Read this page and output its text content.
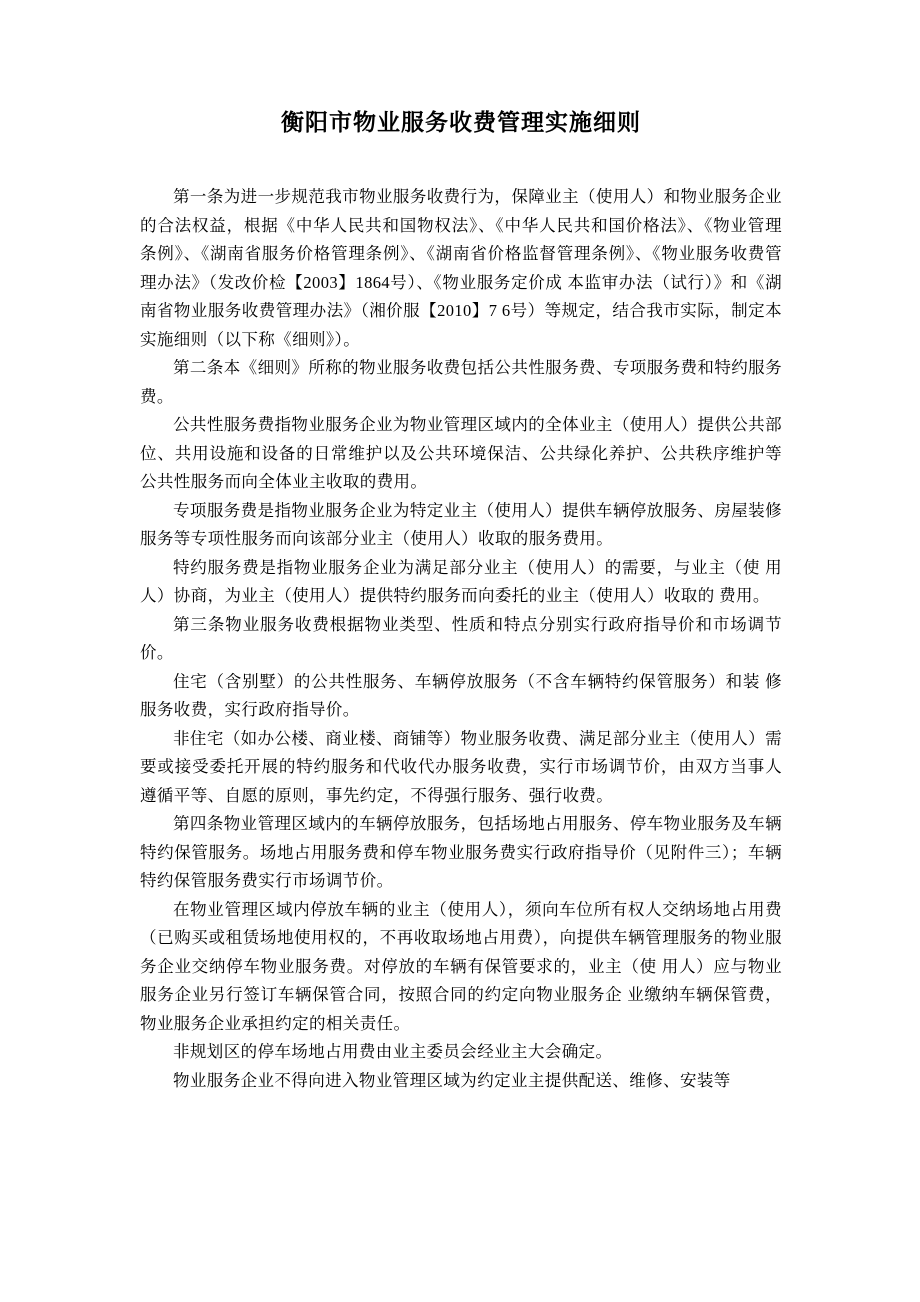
衡阳市物业服务收费管理实施细则

第一条为进一步规范我市物业服务收费行为，保障业主（使用人）和物业服务企业的合法权益，根据《中华人民共和国物权法》、《中华人民共和国价格法》、《物业管理条例》、《湖南省服务价格管理条例》、《湖南省价格监督管理条例》、《物业服务收费管理办法》（发改价检【2003】1864号）、《物业服务定价成 本监审办法（试行）》和《湖南省物业服务收费管理办法》（湘价服【2010】7 6号）等规定，结合我市实际，制定本实施细则（以下称《细则》）。

第二条本《细则》所称的物业服务收费包括公共性服务费、专项服务费和特约服务费。

公共性服务费指物业服务企业为物业管理区域内的全体业主（使用人）提供公共部位、共用设施和设备的日常维护以及公共环境保洁、公共绿化养护、公共秩序维护等公共性服务而向全体业主收取的费用。

专项服务费是指物业服务企业为特定业主（使用人）提供车辆停放服务、房屋装修服务等专项性服务而向该部分业主（使用人）收取的服务费用。

特约服务费是指物业服务企业为满足部分业主（使用人）的需要，与业主（使 用人）协商，为业主（使用人）提供特约服务而向委托的业主（使用人）收取的 费用。

第三条物业服务收费根据物业类型、性质和特点分别实行政府指导价和市场调节价。

住宅（含别墅）的公共性服务、车辆停放服务（不含车辆特约保管服务）和装 修服务收费，实行政府指导价。

非住宅（如办公楼、商业楼、商铺等）物业服务收费、满足部分业主（使用人）需要或接受委托开展的特约服务和代收代办服务收费，实行市场调节价，由双方当事人遵循平等、自愿的原则，事先约定，不得强行服务、强行收费。

第四条物业管理区域内的车辆停放服务，包括场地占用服务、停车物业服务及车辆特约保管服务。场地占用服务费和停车物业服务费实行政府指导价（见附件三）；车辆特约保管服务费实行市场调节价。

在物业管理区域内停放车辆的业主（使用人），须向车位所有权人交纳场地占用费（已购买或租赁场地使用权的，不再收取场地占用费），向提供车辆管理服务的物业服务企业交纳停车物业服务费。对停放的车辆有保管要求的，业主（使 用人）应与物业服务企业另行签订车辆保管合同，按照合同的约定向物业服务企 业缴纳车辆保管费，物业服务企业承担约定的相关责任。

非规划区的停车场地占用费由业主委员会经业主大会确定。

物业服务企业不得向进入物业管理区域为约定业主提供配送、维修、安装等
